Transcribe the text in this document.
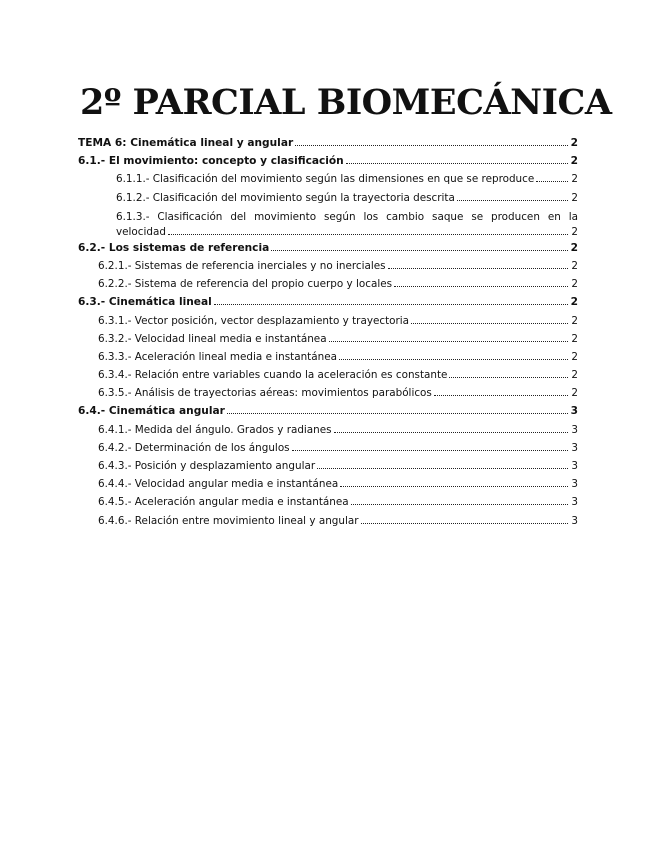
2º PARCIAL BIOMECÁNICA
TEMA 6: Cinemática lineal y angular	2
6.1.- El movimiento: concepto y clasificación	2
6.1.1.- Clasificación del movimiento según las dimensiones en que se reproduce	2
6.1.2.- Clasificación del movimiento según la trayectoria descrita	2
6.1.3.- Clasificación del movimiento según los cambio saque se producen en la
velocidad	2
6.2.- Los sistemas de referencia	2
6.2.1.- Sistemas de referencia inerciales y no inerciales	2
6.2.2.- Sistema de referencia del propio cuerpo y locales	2
6.3.- Cinemática lineal	2
6.3.1.- Vector posición, vector desplazamiento y trayectoria	2
6.3.2.- Velocidad lineal media e instantánea	2
6.3.3.- Aceleración lineal media e instantánea	2
6.3.4.- Relación entre variables cuando la aceleración es constante	2
6.3.5.- Análisis de trayectorias aéreas: movimientos parabólicos	2
6.4.- Cinemática angular	3
6.4.1.- Medida del ángulo. Grados y radianes	3
6.4.2.- Determinación de los ángulos	3
6.4.3.- Posición y desplazamiento angular	3
6.4.4.- Velocidad angular media e instantánea	3
6.4.5.- Aceleración angular media e instantánea	3
6.4.6.- Relación entre movimiento lineal y angular	3
